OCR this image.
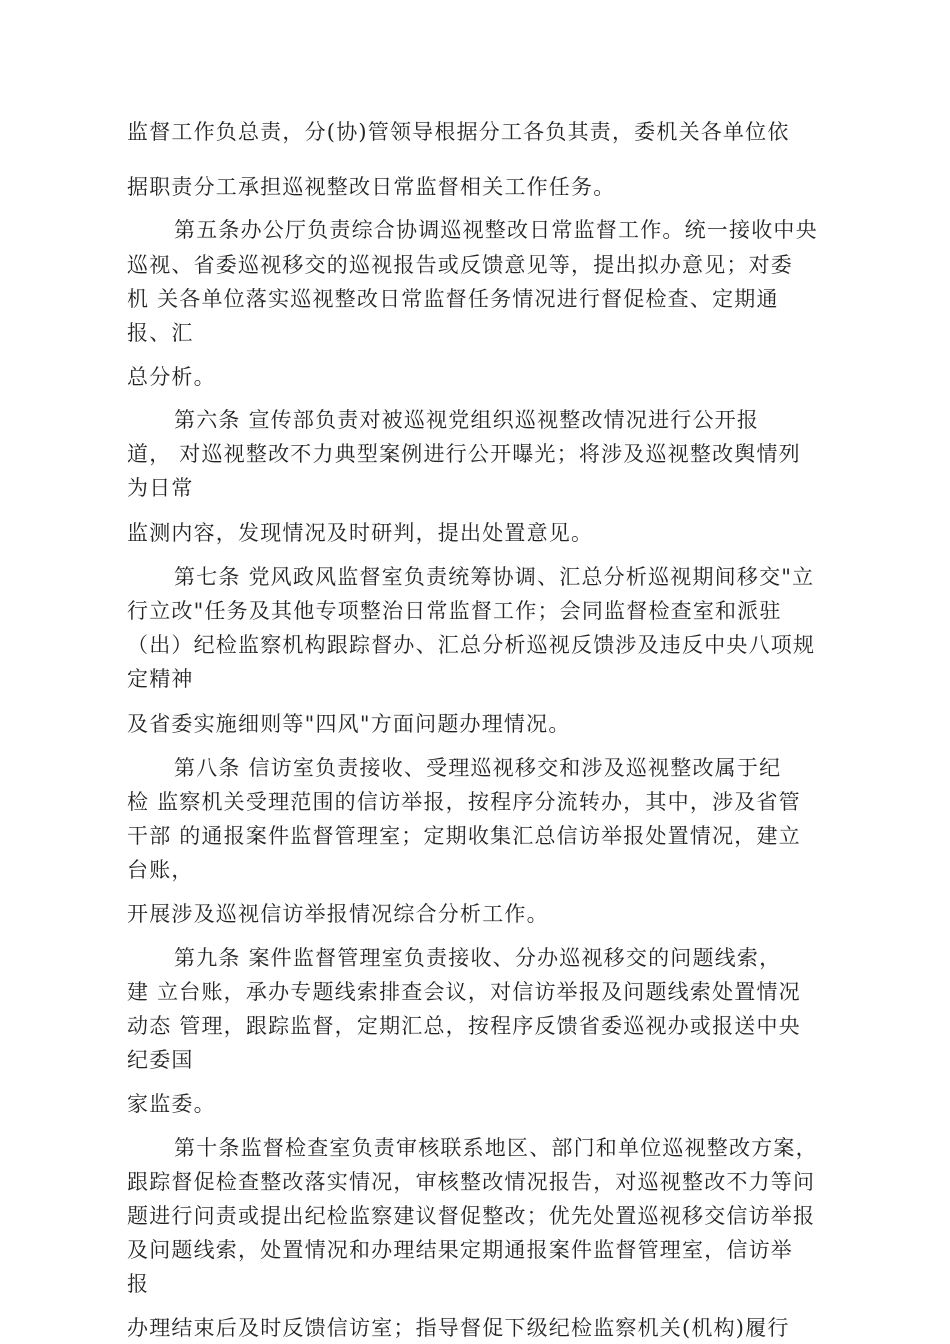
监督工作负总责，分(协)管领导根据分工各负其责，委机关各单位依
据职责分工承担巡视整改日常监督相关工作任务。
第五条办公厅负责综合协调巡视整改日常监督工作。统一接收中央
巡视、省委巡视移交的巡视报告或反馈意见等，提出拟办意见；对委
机 关各单位落实巡视整改日常监督任务情况进行督促检查、定期通
报、汇
总分析。
第六条 宣传部负责对被巡视党组织巡视整改情况进行公开报
道， 对巡视整改不力典型案例进行公开曝光；将涉及巡视整改舆情列
为日常
监测内容，发现情况及时研判，提出处置意见。
第七条 党风政风监督室负责统筹协调、汇总分析巡视期间移交"立
行立改"任务及其他专项整治日常监督工作；会同监督检查室和派驻
（出）纪检监察机构跟踪督办、汇总分析巡视反馈涉及违反中央八项规
定精神
及省委实施细则等"四风"方面问题办理情况。
第八条 信访室负责接收、受理巡视移交和涉及巡视整改属于纪
检 监察机关受理范围的信访举报，按程序分流转办，其中，涉及省管
干部 的通报案件监督管理室；定期收集汇总信访举报处置情况，建立
台账，
开展涉及巡视信访举报情况综合分析工作。
第九条 案件监督管理室负责接收、分办巡视移交的问题线索，
建 立台账，承办专题线索排查会议，对信访举报及问题线索处置情况
动态 管理，跟踪监督，定期汇总，按程序反馈省委巡视办或报送中央
纪委国
家监委。
第十条监督检查室负责审核联系地区、部门和单位巡视整改方案，
跟踪督促检查整改落实情况，审核整改情况报告，对巡视整改不力等问
题进行问责或提出纪检监察建议督促整改；优先处置巡视移交信访举报
及问题线索，处置情况和办理结果定期通报案件监督管理室，信访举
报
办理结束后及时反馈信访室；指导督促下级纪检监察机关(机构)履行
